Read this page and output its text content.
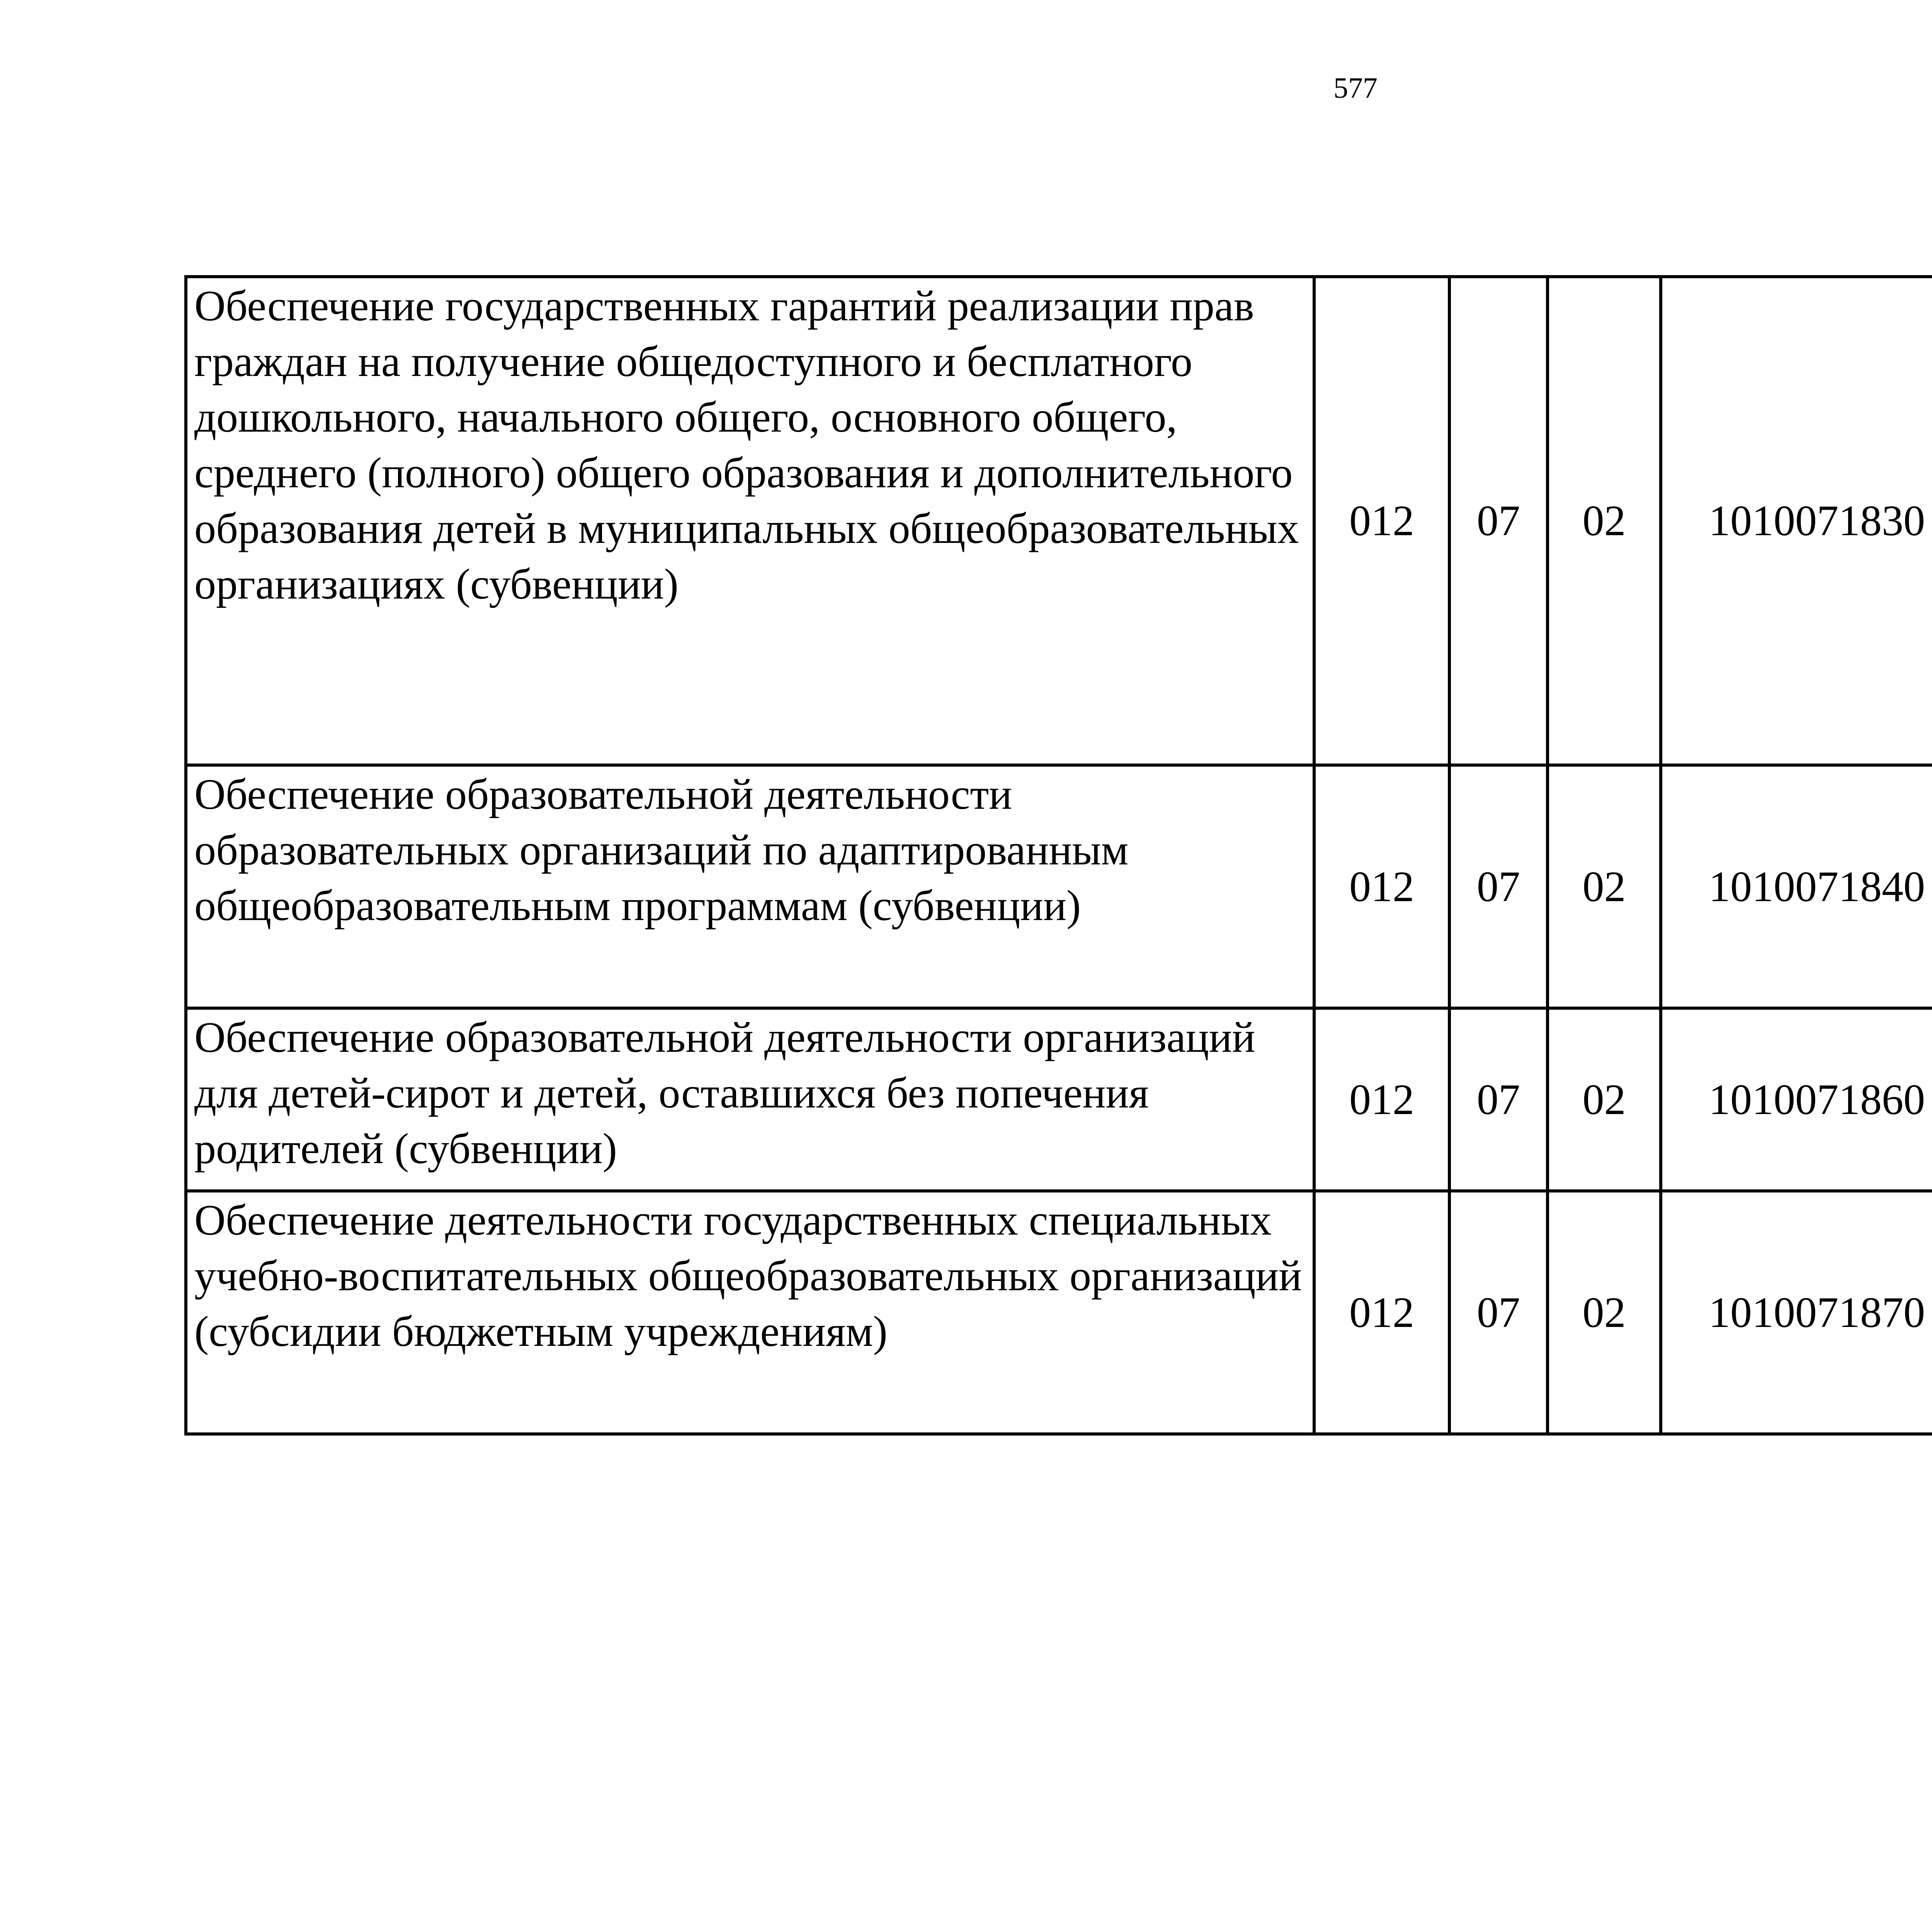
577
Обеспечение государственных гарантий реализации прав граждан на получение общедоступного и бесплатного дошкольного, начального общего, основного общего, среднего (полного) общего образования и дополнительного образования детей в муниципальных общеобразовательных организациях (субвенции)	012	07	02	1010071830		
Обеспечение образовательной деятельности образовательных организаций по адаптированным общеобразовательным программам (субвенции)	012	07	02	1010071840		
Обеспечение образовательной деятельности организаций для детей-сирот и детей, оставшихся без попечения родителей (субвенции)	012	07	02	1010071860		
Обеспечение деятельности государственных специальных учебно-воспитательных общеобразовательных организаций (субсидии бюджетным учреждениям)	012	07	02	1010071870		
